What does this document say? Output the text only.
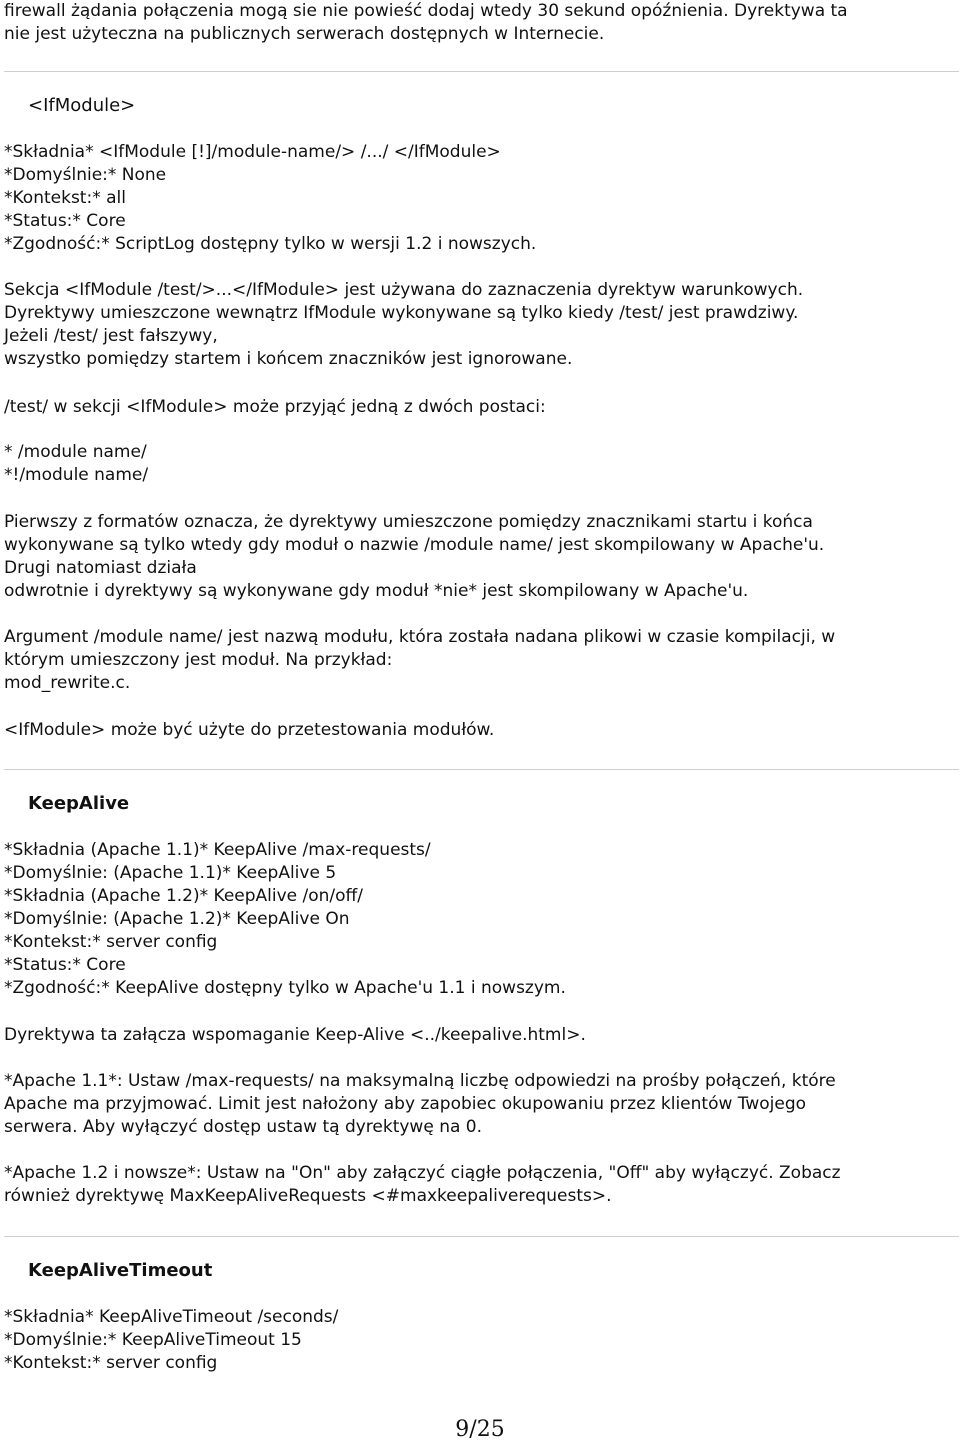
firewall żądania połączenia mogą sie nie powieść dodaj wtedy 30 sekund opóźnienia. Dyrektywa ta
nie jest użyteczna na publicznych serwerach dostępnych w Internecie.
<IfModule>
*Składnia* <IfModule [!]/module-name/> /.../ </IfModule>
*Domyślnie:* None
*Kontekst:* all
*Status:* Core
*Zgodność:* ScriptLog dostępny tylko w wersji 1.2 i nowszych.
Sekcja <IfModule /test/>...</IfModule> jest używana do zaznaczenia dyrektyw warunkowych.
Dyrektywy umieszczone wewnątrz IfModule wykonywane są tylko kiedy /test/ jest prawdziwy.
Jeżeli /test/ jest fałszywy,
wszystko pomiędzy startem i końcem znaczników jest ignorowane.
/test/ w sekcji <IfModule> może przyjąć jedną z dwóch postaci:
* /module name/
*!/module name/
Pierwszy z formatów oznacza, że dyrektywy umieszczone pomiędzy znacznikami startu i końca
wykonywane są tylko wtedy gdy moduł o nazwie /module name/ jest skompilowany w Apache'u.
Drugi natomiast działa
odwrotnie i dyrektywy są wykonywane gdy moduł *nie* jest skompilowany w Apache'u.
Argument /module name/ jest nazwą modułu, która została nadana plikowi w czasie kompilacji, w
którym umieszczony jest moduł. Na przykład:
mod_rewrite.c.
<IfModule> może być użyte do przetestowania modułów.
KeepAlive
*Składnia (Apache 1.1)* KeepAlive /max-requests/
*Domyślnie: (Apache 1.1)* KeepAlive 5
*Składnia (Apache 1.2)* KeepAlive /on/off/
*Domyślnie: (Apache 1.2)* KeepAlive On
*Kontekst:* server config
*Status:* Core
*Zgodność:* KeepAlive dostępny tylko w Apache'u 1.1 i nowszym.
Dyrektywa ta załącza wspomaganie Keep-Alive <../keepalive.html>.
*Apache 1.1*: Ustaw /max-requests/ na maksymalną liczbę odpowiedzi na prośby połączeń, które
Apache ma przyjmować. Limit jest nałożony aby zapobiec okupowaniu przez klientów Twojego
serwera. Aby wyłączyć dostęp ustaw tą dyrektywę na 0.
*Apache 1.2 i nowsze*: Ustaw na "On" aby załączyć ciągłe połączenia, "Off" aby wyłączyć. Zobacz
również dyrektywę MaxKeepAliveRequests <#maxkeepaliverequests>.
KeepAliveTimeout
*Składnia* KeepAliveTimeout /seconds/
*Domyślnie:* KeepAliveTimeout 15
*Kontekst:* server config
9/25
